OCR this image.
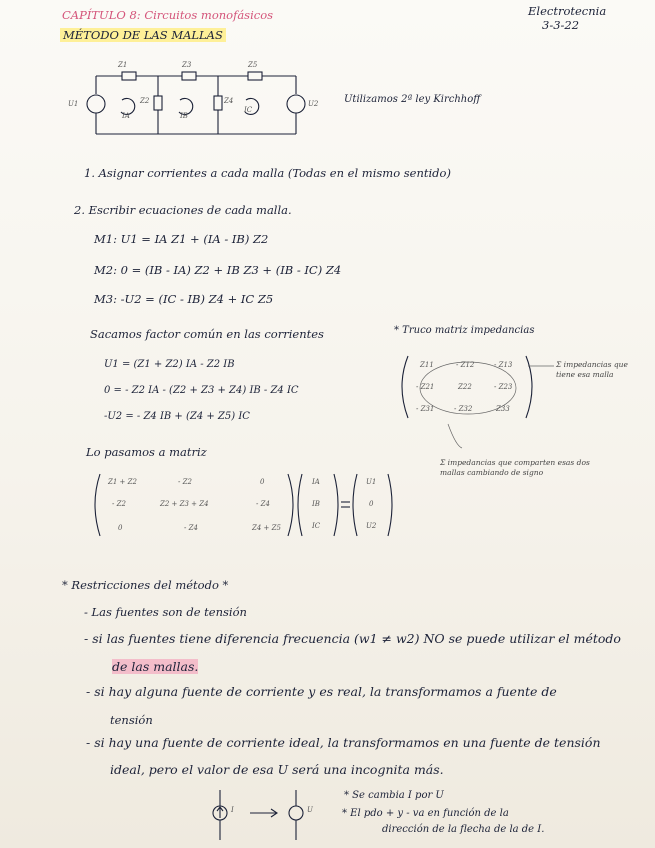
CAPÍTULO 8: Circuitos monofásicos	Electrotecnia
3-3-22
MÉTODO DE LAS MALLAS
Z1	Z3	Z5
Z2	Z4
U1	U2
IA	IB
IC
Utilizamos 2ª ley Kirchhoff
1. Asignar corrientes a cada malla (Todas en el mismo sentido)
2. Escribir ecuaciones de cada malla.
M1: U1 = IA Z1 + (IA - IB) Z2
M2: 0 = (IB - IA) Z2 + IB Z3 + (IB - IC) Z4
M3: -U2 = (IC - IB) Z4 + IC Z5
Sacamos factor común en las corrientes
U1 = (Z1 + Z2) IA - Z2 IB
0 = - Z2 IA - (Z2 + Z3 + Z4) IB - Z4 IC
-U2 = - Z4 IB + (Z4 + Z5) IC
* Truco matriz impedancias
Z11	- Z12	- Z13
- Z21	Z22	- Z23
- Z31	- Z32	Z33
Σ impedancias que tiene esa malla
Σ impedancias que comparten esas dos mallas cambiando de signo
Lo pasamos a matriz
Z1 + Z2	- Z2	0
- Z2	Z2 + Z3 + Z4	- Z4
0	- Z4	Z4 + Z5
IA
IB
IC
U1
0
U2
* Restricciones del método *
- Las fuentes son de tensión
- si las fuentes tiene diferencia frecuencia (w1 ≠ w2) NO se puede utilizar el método
de las mallas.
- si hay alguna fuente de corriente y es real, la transformamos a fuente de
tensión
- si hay una fuente de corriente ideal, la transformamos en una fuente de tensión
ideal, pero el valor de esa U será una incognita más.
I	U
* Se cambia I por U
* El pdo + y - va en función de la
dirección de la flecha de la de I.
